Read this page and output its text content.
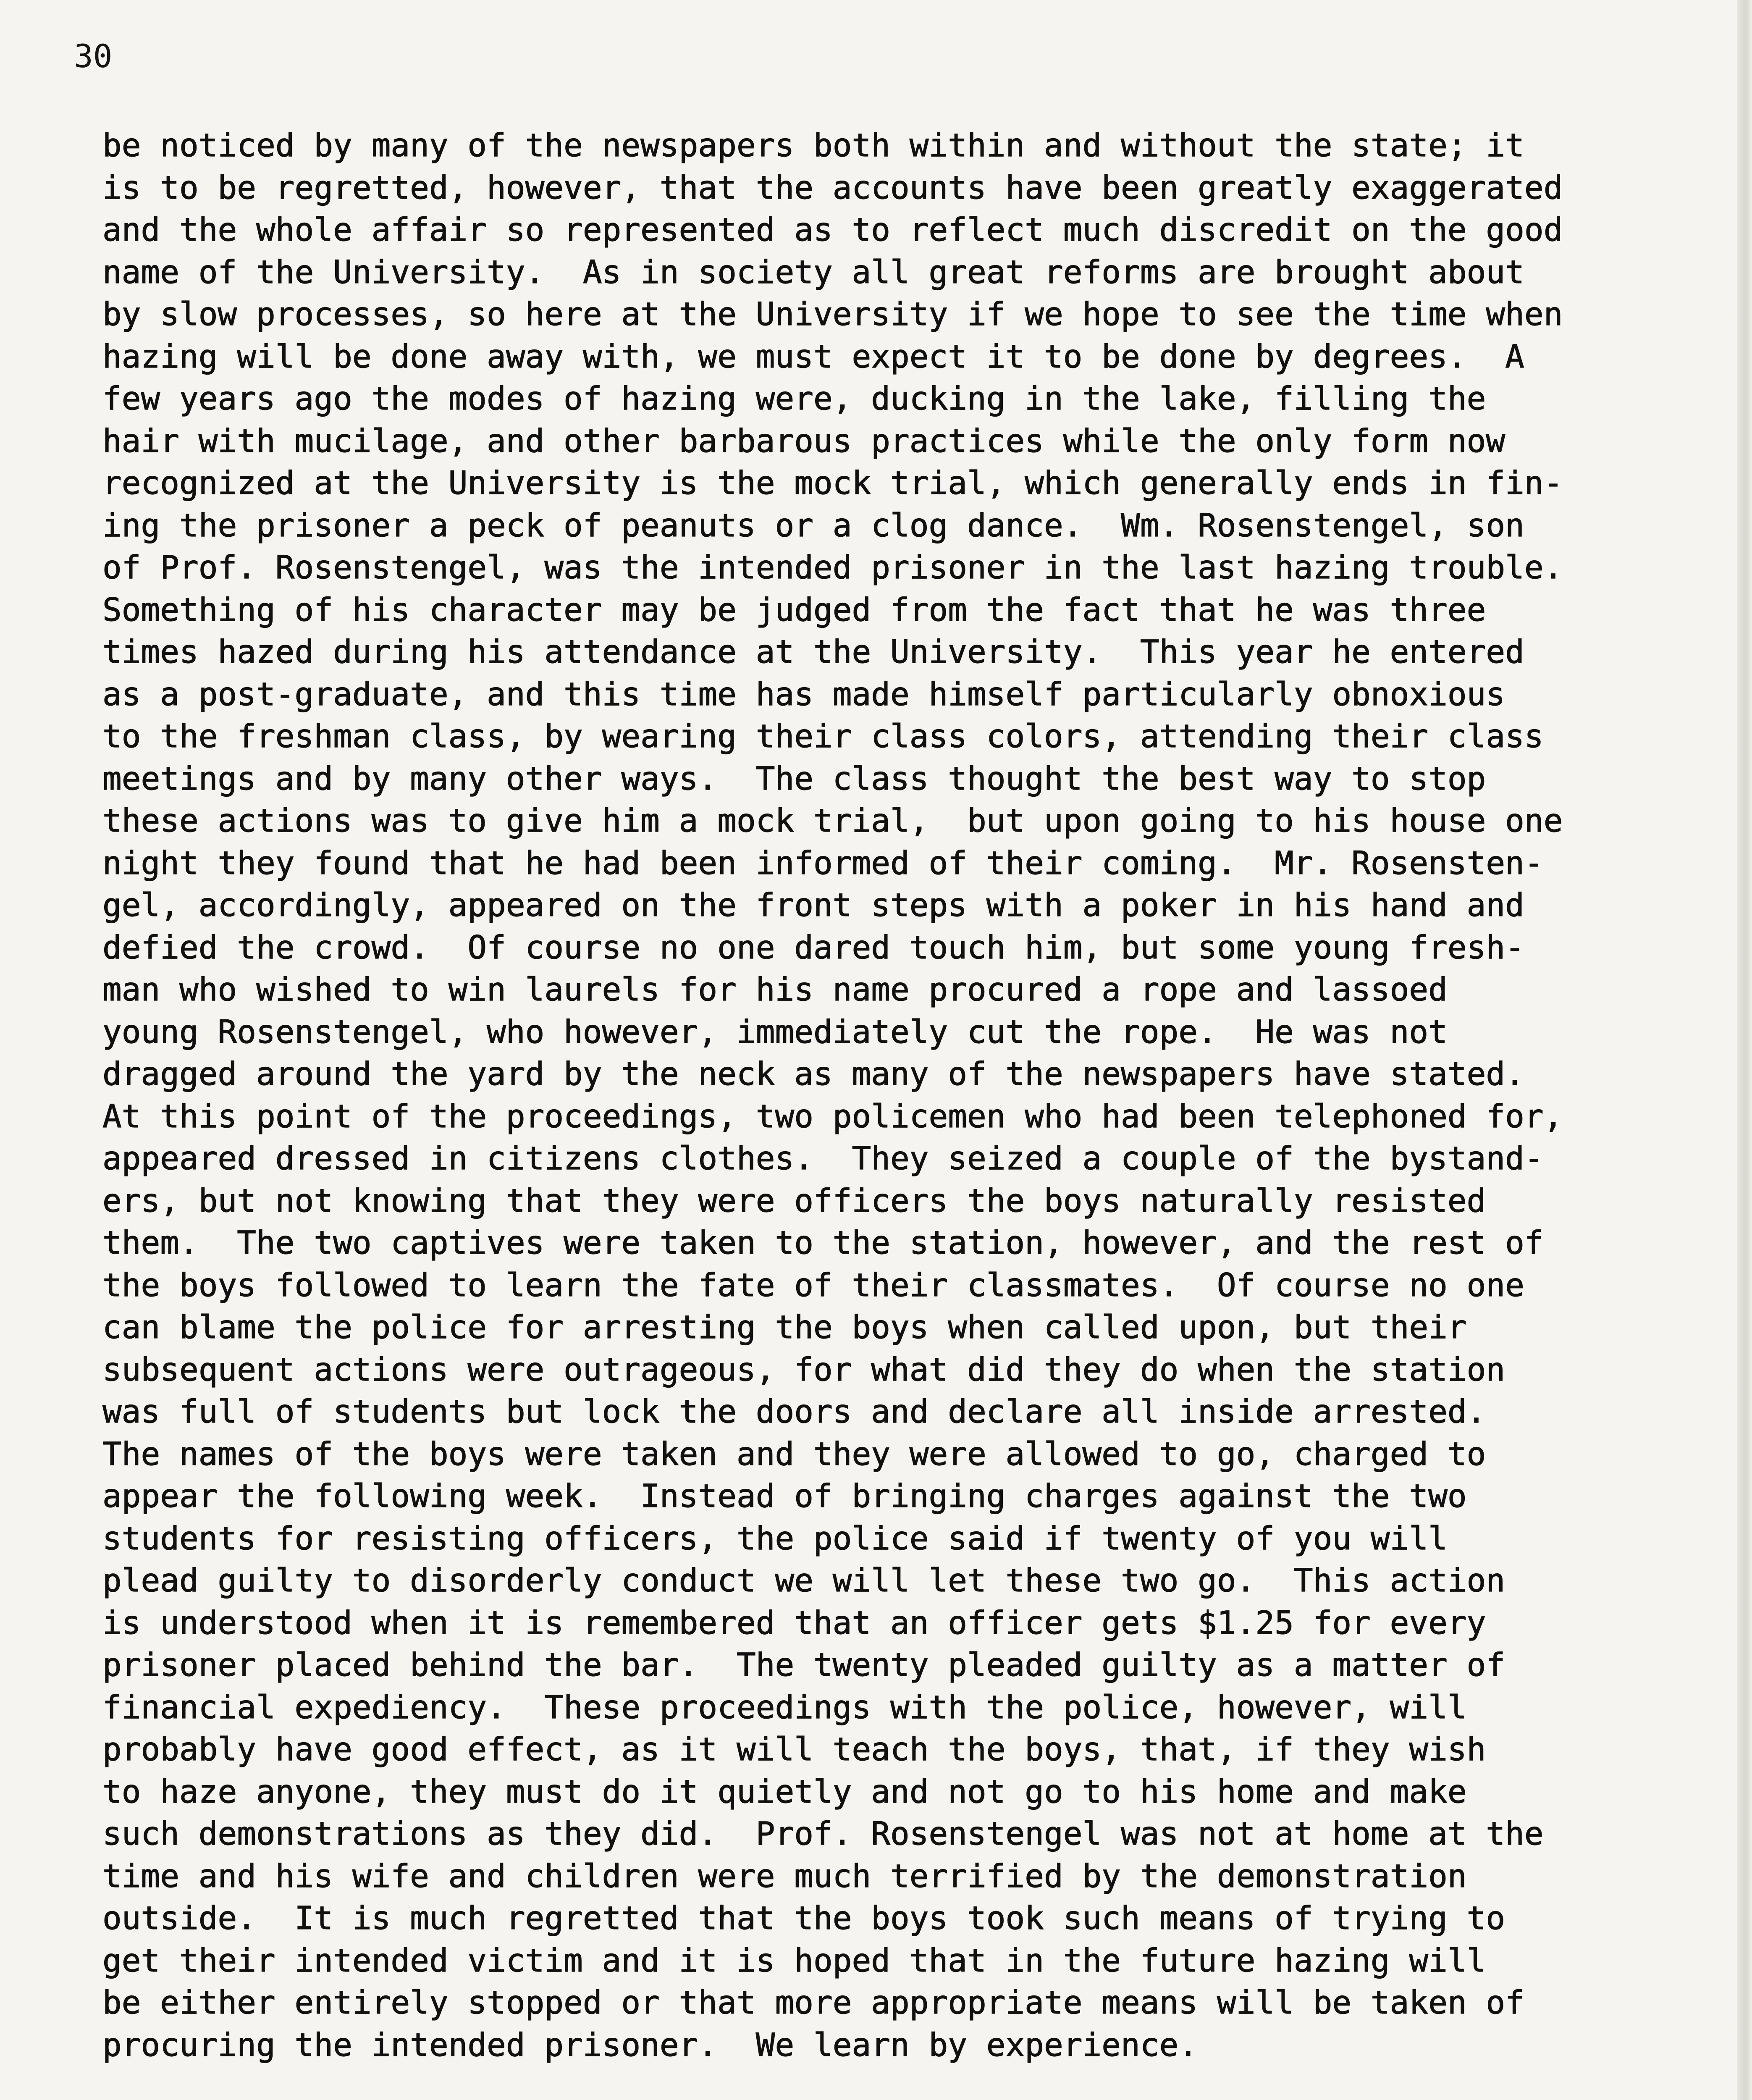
30
be noticed by many of the newspapers both within and without the state; it
is to be regretted, however, that the accounts have been greatly exaggerated
and the whole affair so represented as to reflect much discredit on the good
name of the University.  As in society all great reforms are brought about
by slow processes, so here at the University if we hope to see the time when
hazing will be done away with, we must expect it to be done by degrees.  A
few years ago the modes of hazing were, ducking in the lake, filling the
hair with mucilage, and other barbarous practices while the only form now
recognized at the University is the mock trial, which generally ends in fin-
ing the prisoner a peck of peanuts or a clog dance.  Wm. Rosenstengel, son
of Prof. Rosenstengel, was the intended prisoner in the last hazing trouble.
Something of his character may be judged from the fact that he was three
times hazed during his attendance at the University.  This year he entered
as a post-graduate, and this time has made himself particularly obnoxious
to the freshman class, by wearing their class colors, attending their class
meetings and by many other ways.  The class thought the best way to stop
these actions was to give him a mock trial,  but upon going to his house one
night they found that he had been informed of their coming.  Mr. Rosensten-
gel, accordingly, appeared on the front steps with a poker in his hand and
defied the crowd.  Of course no one dared touch him, but some young fresh-
man who wished to win laurels for his name procured a rope and lassoed
young Rosenstengel, who however, immediately cut the rope.  He was not
dragged around the yard by the neck as many of the newspapers have stated.
At this point of the proceedings, two policemen who had been telephoned for,
appeared dressed in citizens clothes.  They seized a couple of the bystand-
ers, but not knowing that they were officers the boys naturally resisted
them.  The two captives were taken to the station, however, and the rest of
the boys followed to learn the fate of their classmates.  Of course no one
can blame the police for arresting the boys when called upon, but their
subsequent actions were outrageous, for what did they do when the station
was full of students but lock the doors and declare all inside arrested.
The names of the boys were taken and they were allowed to go, charged to
appear the following week.  Instead of bringing charges against the two
students for resisting officers, the police said if twenty of you will
plead guilty to disorderly conduct we will let these two go.  This action
is understood when it is remembered that an officer gets $1.25 for every
prisoner placed behind the bar.  The twenty pleaded guilty as a matter of
financial expediency.  These proceedings with the police, however, will
probably have good effect, as it will teach the boys, that, if they wish
to haze anyone, they must do it quietly and not go to his home and make
such demonstrations as they did.  Prof. Rosenstengel was not at home at the
time and his wife and children were much terrified by the demonstration
outside.  It is much regretted that the boys took such means of trying to
get their intended victim and it is hoped that in the future hazing will
be either entirely stopped or that more appropriate means will be taken of
procuring the intended prisoner.  We learn by experience.
